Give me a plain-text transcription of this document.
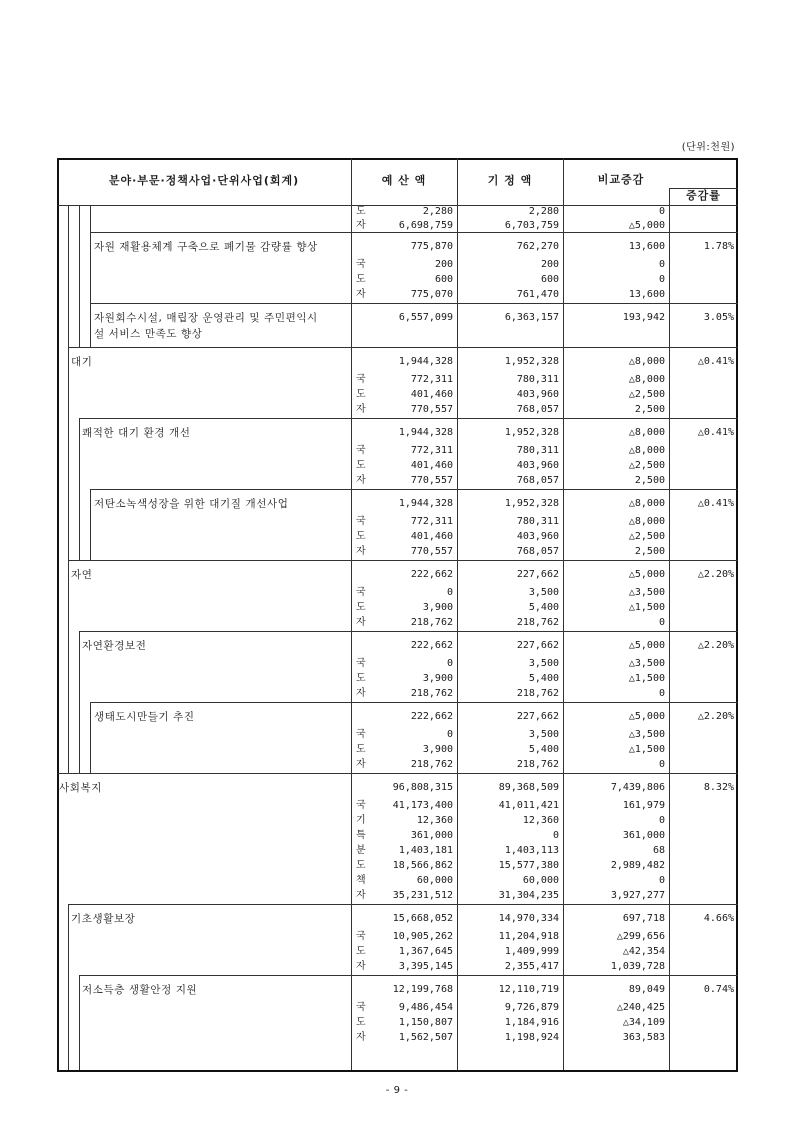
(단위:천원)
분야·부문·정책사업·단위사업(회계)	예 산 액	기 정 액	비교증감
증감률
- 9 -
도	2,280	2,280	0
자	6,698,759	6,703,759	△5,000
자원 재활용체계 구축으로 폐기물 감량률 향상	775,870	762,270	13,600	1.78%
국	200	200	0
도	600	600	0
자	775,070	761,470	13,600
자원회수시설, 매립장 운영관리 및 주민편익시
설 서비스 만족도 향상
6,557,099	6,363,157	193,942	3.05%
대기	1,944,328	1,952,328	△8,000	△0.41%
국	772,311	780,311	△8,000
도	401,460	403,960	△2,500
자	770,557	768,057	2,500
쾌적한 대기 환경 개선	1,944,328	1,952,328	△8,000	△0.41%
국	772,311	780,311	△8,000
도	401,460	403,960	△2,500
자	770,557	768,057	2,500
저탄소녹색성장을 위한 대기질 개선사업	1,944,328	1,952,328	△8,000	△0.41%
국	772,311	780,311	△8,000
도	401,460	403,960	△2,500
자	770,557	768,057	2,500
자연	222,662	227,662	△5,000	△2.20%
국	0	3,500	△3,500
도	3,900	5,400	△1,500
자	218,762	218,762	0
자연환경보전	222,662	227,662	△5,000	△2.20%
국	0	3,500	△3,500
도	3,900	5,400	△1,500
자	218,762	218,762	0
생태도시만들기 추진	222,662	227,662	△5,000	△2.20%
국	0	3,500	△3,500
도	3,900	5,400	△1,500
자	218,762	218,762	0
사회복지	96,808,315	89,368,509	7,439,806	8.32%
국	41,173,400	41,011,421	161,979
기	12,360	12,360	0
특	361,000	0	361,000
분	1,403,181	1,403,113	68
도	18,566,862	15,577,380	2,989,482
책	60,000	60,000	0
자	35,231,512	31,304,235	3,927,277
기초생활보장	15,668,052	14,970,334	697,718	4.66%
국	10,905,262	11,204,918	△299,656
도	1,367,645	1,409,999	△42,354
자	3,395,145	2,355,417	1,039,728
저소득층 생활안정 지원	12,199,768	12,110,719	89,049	0.74%
국	9,486,454	9,726,879	△240,425
도	1,150,807	1,184,916	△34,109
자	1,562,507	1,198,924	363,583
